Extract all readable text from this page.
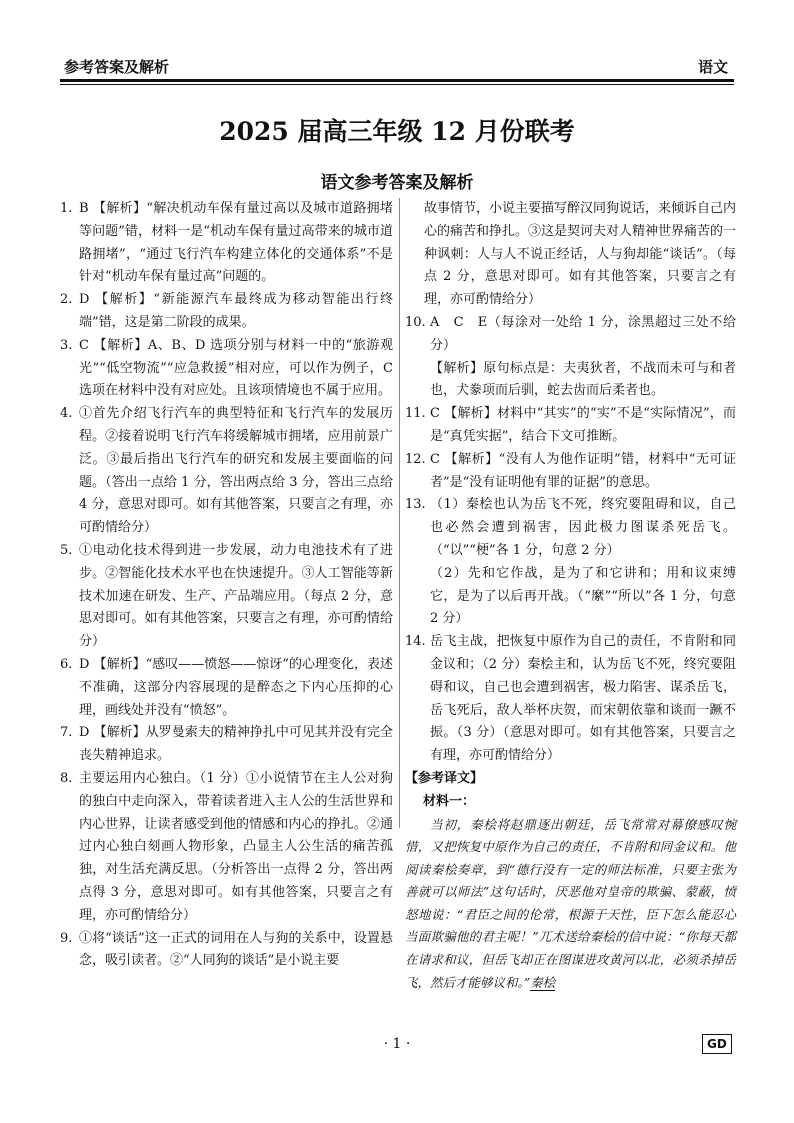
参考答案及解析	语文
2025 届高三年级 12 月份联考
语文参考答案及解析
1. B 【解析】“解决机动车保有量过高以及城市道路拥堵等问题”错，材料一是“机动车保有量过高带来的城市道路拥堵”，“通过飞行汽车构建立体化的交通体系”不是针对“机动车保有量过高”问题的。
2. D 【解析】“新能源汽车最终成为移动智能出行终端”错，这是第二阶段的成果。
3. C 【解析】A、B、D 选项分别与材料一中的“旅游观光”“低空物流”“应急救援”相对应，可以作为例子，C 选项在材料中没有对应处。且该项情境也不属于应用。
4. ①首先介绍飞行汽车的典型特征和飞行汽车的发展历程。②接着说明飞行汽车将缓解城市拥堵，应用前景广泛。③最后指出飞行汽车的研究和发展主要面临的问题。（答出一点给 1 分，答出两点给 3 分，答出三点给 4 分，意思对即可。如有其他答案，只要言之有理，亦可酌情给分）
5. ①电动化技术得到进一步发展，动力电池技术有了进步。②智能化技术水平也在快速提升。③人工智能等新技术加速在研发、生产、产品端应用。（每点 2 分，意思对即可。如有其他答案，只要言之有理，亦可酌情给分）
6. D 【解析】“感叹——愤怒——惊讶”的心理变化，表述不准确，这部分内容展现的是醉态之下内心压抑的心理，画线处并没有“愤怒”。
7. D 【解析】从罗曼索夫的精神挣扎中可见其并没有完全丧失精神追求。
8. 主要运用内心独白。（1 分）①小说情节在主人公对狗的独白中走向深入，带着读者进入主人公的生活世界和内心世界，让读者感受到他的情感和内心的挣扎。②通过内心独白刻画人物形象，凸显主人公生活的痛苦孤独，对生活充满反思。（分析答出一点得 2 分，答出两点得 3 分，意思对即可。如有其他答案，只要言之有理，亦可酌情给分）
9. ①将“谈话”这一正式的词用在人与狗的关系中，设置悬念，吸引读者。②“人同狗的谈话”是小说主要

故事情节，小说主要描写醉汉同狗说话，来倾诉自己内心的痛苦和挣扎。③这是契诃夫对人精神世界痛苦的一种讽刺：人与人不说正经话，人与狗却能“谈话”。（每点 2 分，意思对即可。如有其他答案，只要言之有理，亦可酌情给分）

10. A　C　E（每涂对一处给 1 分，涂黑超过三处不给分）

【解析】原句标点是：夫夷狄者，不战而未可与和者也，犬豢项而后驯，蛇去齿而后柔者也。

11. C 【解析】材料中“其实”的“实”不是“实际情况”，而是“真凭实据”，结合下文可推断。
12. C 【解析】“没有人为他作证明”错，材料中“无可证者”是“没有证明他有罪的证据”的意思。
13. （1）秦桧也认为岳飞不死，终究要阻碍和议，自己也必然会遭到祸害，因此极力图谋杀死岳飞。（“以”“梗”各 1 分，句意 2 分）

（2）先和它作战，是为了和它讲和；用和议束缚它，是为了以后再开战。（“縻”“所以”各 1 分，句意 2 分）

14. 岳飞主战，把恢复中原作为自己的责任，不肯附和同金议和；（2 分）秦桧主和，认为岳飞不死，终究要阻碍和议，自己也会遭到祸害，极力陷害、谋杀岳飞，岳飞死后，敌人举杯庆贺，而宋朝依靠和谈而一蹶不振。（3 分）（意思对即可。如有其他答案，只要言之有理，亦可酌情给分）

【参考译文】

材料一：

当初，秦桧将赵鼎逐出朝廷，岳飞常常对幕僚感叹惋惜，又把恢复中原作为自己的责任，不肯附和同金议和。他阅读秦桧奏章，到“德行没有一定的师法标准，只要主张为善就可以师法”这句话时，厌恶他对皇帝的欺骗、蒙蔽，愤怒地说：“君臣之间的伦常，根源于天性，臣下怎么能忍心当面欺骗他的君主呢！”兀术送给秦桧的信中说：“你每天都在请求和议，但岳飞却正在图谋进攻黄河以北，必须杀掉岳飞，然后才能够议和。”秦桧

· 1 ·	GD
